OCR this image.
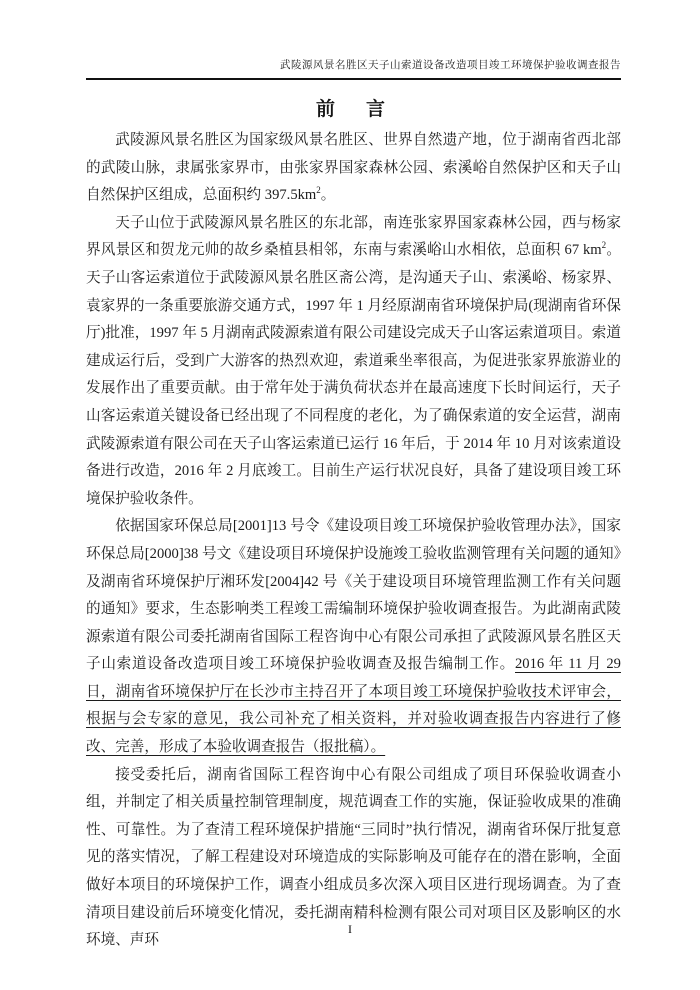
武陵源风景名胜区天子山索道设备改造项目竣工环境保护验收调查报告
前　言

武陵源风景名胜区为国家级风景名胜区、世界自然遗产地，位于湖南省西北部的武陵山脉，隶属张家界市，由张家界国家森林公园、索溪峪自然保护区和天子山自然保护区组成，总面积约 $397.5km^2$。

天子山位于武陵源风景名胜区的东北部，南连张家界国家森林公园，西与杨家界风景区和贺龙元帅的故乡桑植县相邻，东南与索溪峪山水相依，总面积 67 $km^2$。天子山客运索道位于武陵源风景名胜区斋公湾，是沟通天子山、索溪峪、杨家界、袁家界的一条重要旅游交通方式，1997 年 1 月经原湖南省环境保护局(现湖南省环保厅)批准，1997 年 5 月湖南武陵源索道有限公司建设完成天子山客运索道项目。索道建成运行后，受到广大游客的热烈欢迎，索道乘坐率很高，为促进张家界旅游业的发展作出了重要贡献。由于常年处于满负荷状态并在最高速度下长时间运行，天子山客运索道关键设备已经出现了不同程度的老化，为了确保索道的安全运营，湖南武陵源索道有限公司在天子山客运索道已运行 16 年后，于 2014 年 10 月对该索道设备进行改造，2016 年 2 月底竣工。目前生产运行状况良好，具备了建设项目竣工环境保护验收条件。

依据国家环保总局[2001]13 号令《建设项目竣工环境保护验收管理办法》，国家环保总局[2000]38 号文《建设项目环境保护设施竣工验收监测管理有关问题的通知》及湖南省环境保护厅湘环发[2004]42 号《关于建设项目环境管理监测工作有关问题的通知》要求，生态影响类工程竣工需编制环境保护验收调查报告。为此湖南武陵源索道有限公司委托湖南省国际工程咨询中心有限公司承担了武陵源风景名胜区天子山索道设备改造项目竣工环境保护验收调查及报告编制工作。2016 年 11 月 29 日，湖南省环境保护厅在长沙市主持召开了本项目竣工环境保护验收技术评审会，根据与会专家的意见，我公司补充了相关资料，并对验收调查报告内容进行了修改、完善，形成了本验收调查报告（报批稿）。

接受委托后，湖南省国际工程咨询中心有限公司组成了项目环保验收调查小组，并制定了相关质量控制管理制度，规范调查工作的实施，保证验收成果的准确性、可靠性。为了查清工程环境保护措施“三同时”执行情况，湖南省环保厅批复意见的落实情况，了解工程建设对环境造成的实际影响及可能存在的潜在影响，全面做好本项目的环境保护工作，调查小组成员多次深入项目区进行现场调查。为了查清项目建设前后环境变化情况，委托湖南精科检测有限公司对项目区及影响区的水环境、声环

I
